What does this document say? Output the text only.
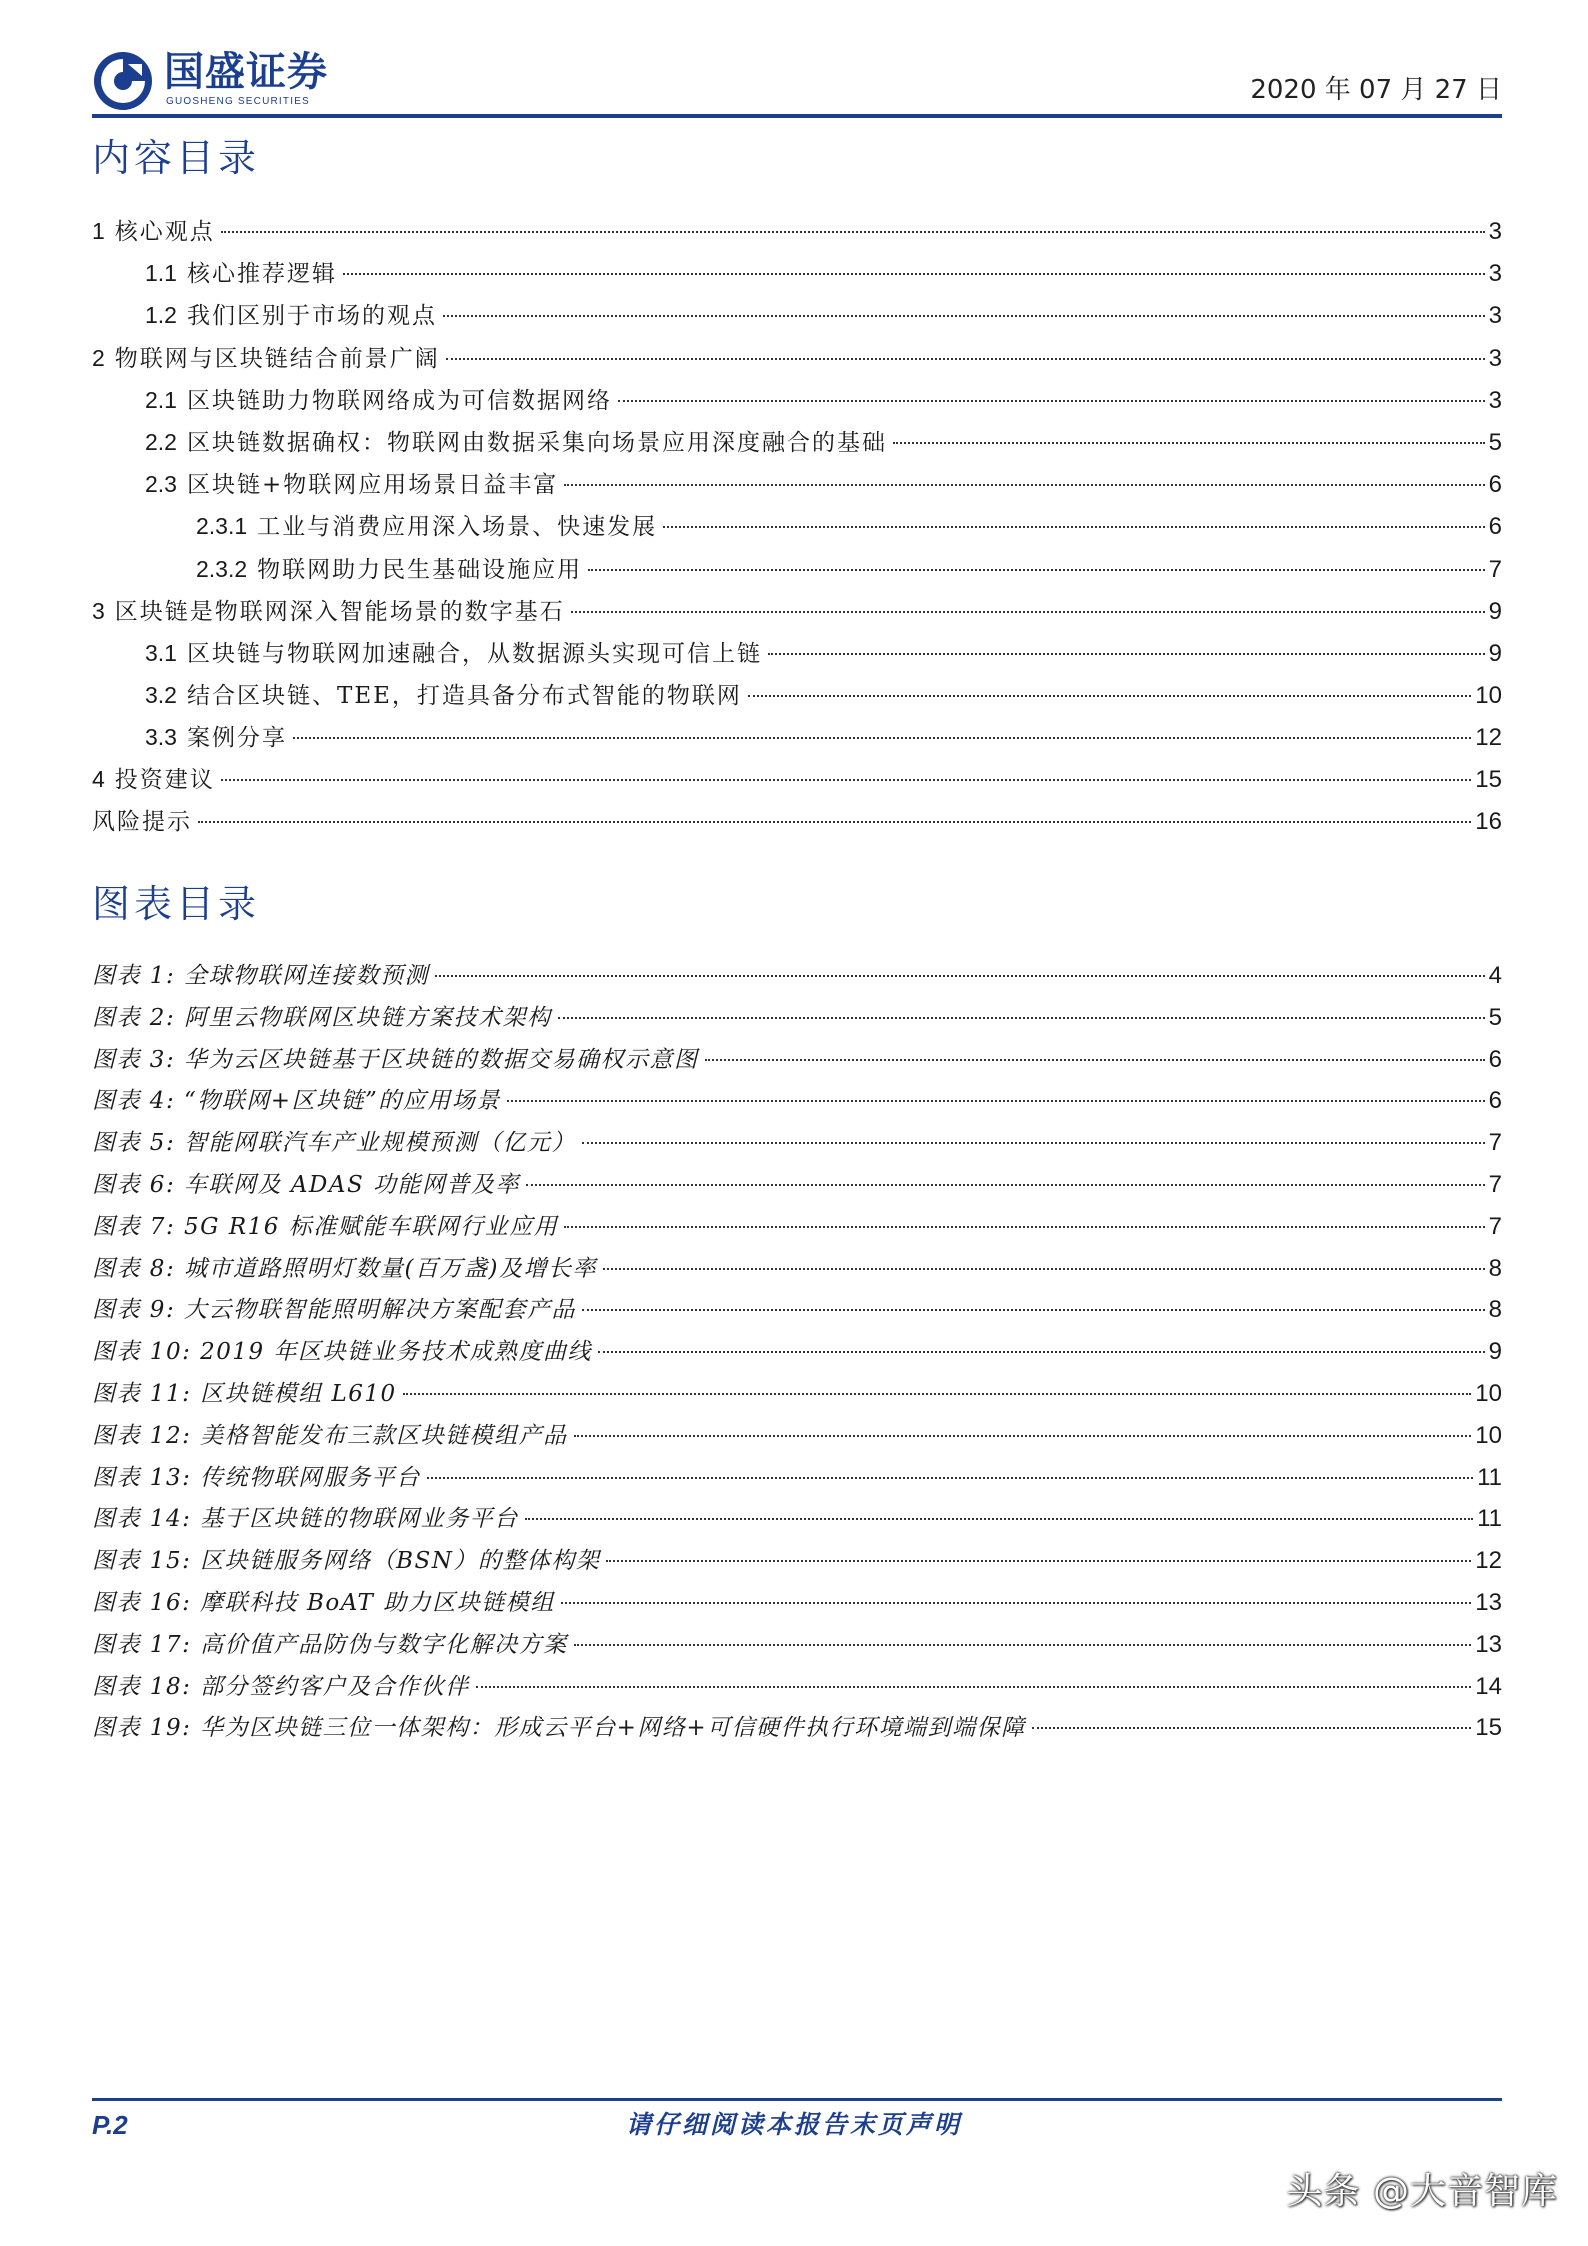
国盛证券
GUOSHENG SECURITIES	2020 年 07 月 27 日
内容目录
1 核心观点	3
1.1 核心推荐逻辑	3
1.2 我们区别于市场的观点	3
2 物联网与区块链结合前景广阔	3
2.1 区块链助力物联网络成为可信数据网络	3
2.2 区块链数据确权：物联网由数据采集向场景应用深度融合的基础	5
2.3 区块链+物联网应用场景日益丰富	6
2.3.1 工业与消费应用深入场景、快速发展	6
2.3.2 物联网助力民生基础设施应用	7
3 区块链是物联网深入智能场景的数字基石	9
3.1 区块链与物联网加速融合，从数据源头实现可信上链	9
3.2 结合区块链、TEE，打造具备分布式智能的物联网	10
3.3 案例分享	12
4 投资建议	15
风险提示	16
图表目录
图表 1: 全球物联网连接数预测	4
图表 2: 阿里云物联网区块链方案技术架构	5
图表 3: 华为云区块链基于区块链的数据交易确权示意图	6
图表 4: “物联网+区块链”的应用场景	6
图表 5: 智能网联汽车产业规模预测（亿元）	7
图表 6: 车联网及 ADAS 功能网普及率	7
图表 7: 5G R16 标准赋能车联网行业应用	7
图表 8: 城市道路照明灯数量(百万盏)及增长率	8
图表 9: 大云物联智能照明解决方案配套产品	8
图表 10: 2019 年区块链业务技术成熟度曲线	9
图表 11: 区块链模组 L610	10
图表 12: 美格智能发布三款区块链模组产品	10
图表 13: 传统物联网服务平台	11
图表 14: 基于区块链的物联网业务平台	11
图表 15: 区块链服务网络（BSN）的整体构架	12
图表 16: 摩联科技 BoAT 助力区块链模组	13
图表 17: 高价值产品防伪与数字化解决方案	13
图表 18: 部分签约客户及合作伙伴	14
图表 19: 华为区块链三位一体架构：形成云平台+网络+可信硬件执行环境端到端保障	15
P.2	请仔细阅读本报告末页声明
头条 @大音智库
